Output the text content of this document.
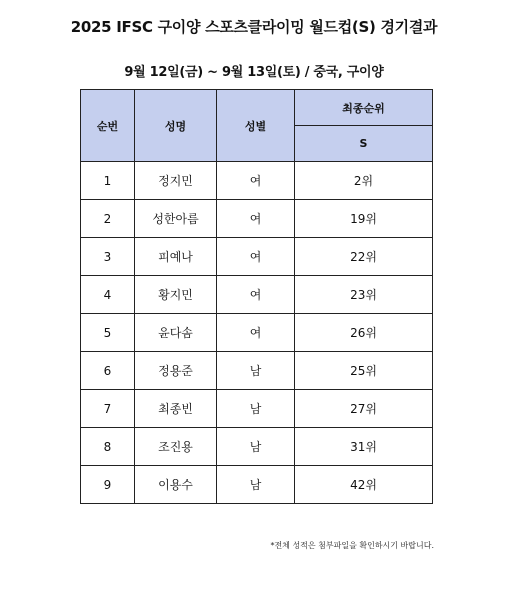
2025 IFSC 구이양 스포츠클라이밍 월드컵(S) 경기결과
9월 12일(금) ~ 9월 13일(토) / 중국, 구이양
순번	성명	성별	최종순위
			S
1	정지민	여	2위
2	성한아름	여	19위
3	피예나	여	22위
4	황지민	여	23위
5	윤다솜	여	26위
6	정용준	남	25위
7	최종빈	남	27위
8	조진용	남	31위
9	이용수	남	42위
*전체 성적은 첨부파일을 확인하시기 바랍니다.
